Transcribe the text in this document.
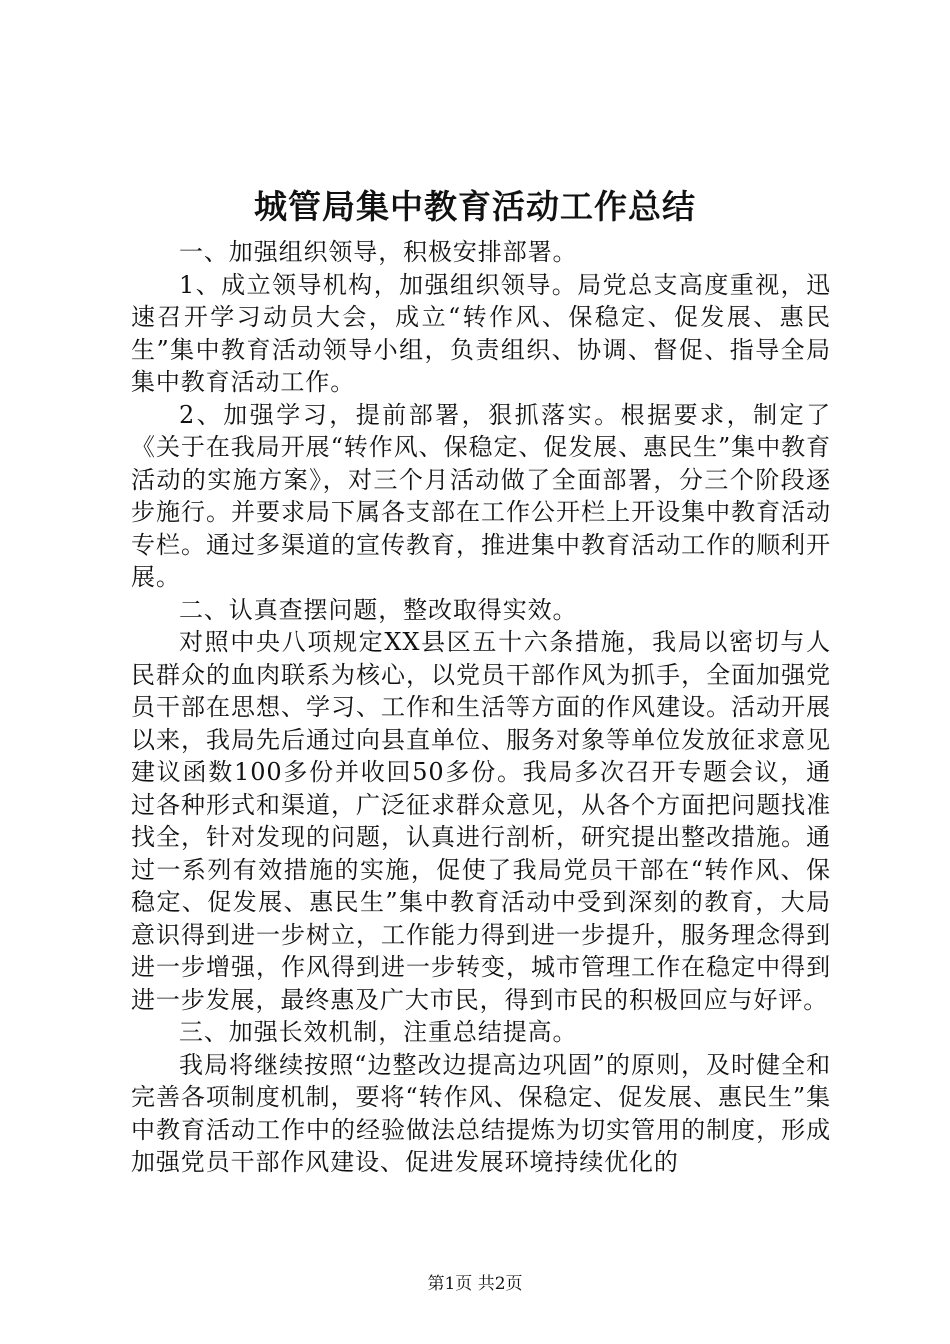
城管局集中教育活动工作总结

一、加强组织领导，积极安排部署。

1、成立领导机构，加强组织领导。局党总支高度重视，迅速召开学习动员大会，成立“转作风、保稳定、促发展、惠民生”集中教育活动领导小组，负责组织、协调、督促、指导全局集中教育活动工作。

2、加强学习，提前部署，狠抓落实。根据要求，制定了《关于在我局开展“转作风、保稳定、促发展、惠民生”集中教育活动的实施方案》，对三个月活动做了全面部署，分三个阶段逐步施行。并要求局下属各支部在工作公开栏上开设集中教育活动专栏。通过多渠道的宣传教育，推进集中教育活动工作的顺利开展。

二、认真查摆问题，整改取得实效。

对照中央八项规定XX县区五十六条措施，我局以密切与人民群众的血肉联系为核心，以党员干部作风为抓手，全面加强党员干部在思想、学习、工作和生活等方面的作风建设。活动开展以来，我局先后通过向县直单位、服务对象等单位发放征求意见建议函数100多份并收回50多份。我局多次召开专题会议，通过各种形式和渠道，广泛征求群众意见，从各个方面把问题找准找全，针对发现的问题，认真进行剖析，研究提出整改措施。通过一系列有效措施的实施，促使了我局党员干部在“转作风、保稳定、促发展、惠民生”集中教育活动中受到深刻的教育，大局意识得到进一步树立，工作能力得到进一步提升，服务理念得到进一步增强，作风得到进一步转变，城市管理工作在稳定中得到进一步发展，最终惠及广大市民，得到市民的积极回应与好评。

三、加强长效机制，注重总结提高。

我局将继续按照“边整改边提高边巩固”的原则，及时健全和完善各项制度机制，要将“转作风、保稳定、促发展、惠民生”集中教育活动工作中的经验做法总结提炼为切实管用的制度，形成加强党员干部作风建设、促进发展环境持续优化的

第1页 共2页
